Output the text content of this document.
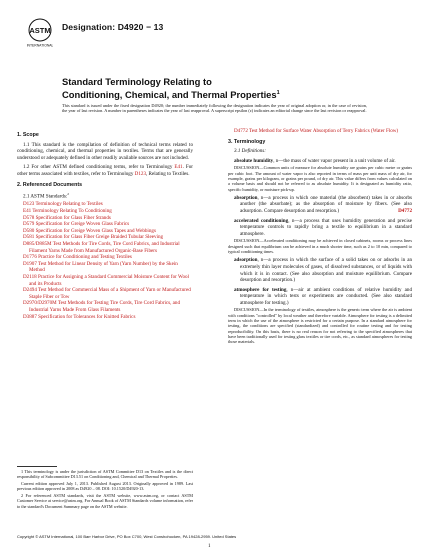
ASTM
INTERNATIONAL
Designation: D4920 − 13
Standard Terminology Relating to
Conditioning, Chemical, and Thermal Properties$^1$
This standard is issued under the fixed designation D4920; the number immediately following the designation indicates the year of original adoption or, in the case of revision, the year of last revision. A number in parentheses indicates the year of last reapproval. A superscript epsilon (ε) indicates an editorial change since the last revision or reapproval.
1. Scope

1.1 This standard is the compilation of definition of technical terms related to conditioning, chemical, and thermal properties in textiles. Terms that are generally understood or adequately defined in other readily available sources are not included.

1.2 For other ASTM defined conditioning terms, refer to Terminology E41. For other terms associated with textiles, refer to Terminology D123, Relating to Textiles.

2. Referenced Documents
2.1 ASTM Standards:$^2$
D123 Terminology Relating to Textiles
E41 Terminology Relating To Conditioning
D578 Specification for Glass Fiber Strands
D579 Specification for Greige Woven Glass Fabrics
D580 Specification for Greige Woven Glass Tapes and Webbings
D581 Specification for Glass Fiber Greige Braided Tubular Sleeving
D885/D885M Test Methods for Tire Cords, Tire Cord Fabrics, and Industrial Filament Yarns Made from Manufactured Organic-Base Fibers
D1776 Practice for Conditioning and Testing Textiles
D1907 Test Method for Linear Density of Yarn (Yarn Number) by the Skein Method
D2118 Practice for Assigning a Standard Commercial Moisture Content for Wool and its Products
D2494 Test Method for Commercial Mass of a Shipment of Yarn or Manufactured Staple Fiber or Tow
D2970/D2970M Test Methods for Testing Tire Cords, Tire Cord Fabrics, and Industrial Yarns Made From Glass Filaments
D3887 Specification for Tolerances for Knitted Fabrics
D4772 Test Method for Surface Water Absorption of Terry Fabrics (Water Flow)
3. Terminology
3.1 Definitions:
absolute humidity, n—the mass of water vapor present in a unit volume of air.
DISCUSSION—Common units of measure for absolute humidity are grains per cubic metre or grains per cubic foot. The amount of water vapor is also reported in terms of mass per unit mass of dry air, for example, grains per kilogram, or grains per pound, of dry air. This value differs from values calculated on a volume basis and should not be referred to as absolute humidity. It is designated as humidity ratio, specific humidity, or moisture pick-up.
absorption, n—a process in which one material (the absorbent) takes in or absorbs another (the absorbate); as the absorption of moisture by fibers. (See also adsorption. Compare desorption and resorption.)	D4772
accelerated conditioning, n—a process that uses humidity generation and precise temperature controls to rapidly bring a textile to equilibrium in a standard atmosphere.
DISCUSSION—Accelerated conditioning may be achieved in closed cabinets, rooms or process lines designed such that equilibrium can be achieved in a much shorter time, such as 2 to 10 min, compared to typical conditioning times.
adsorption, n—a process in which the surface of a solid takes on or adsorbs in an extremely thin layer molecules of gases, of dissolved substances, or of liquids with which it is in contact. (See also absorption and moisture equilibrium. Compare desorption and resorption.)
atmosphere for testing, n—air at ambient conditions of relative humidity and temperature in which tests or experiments are conducted. (See also standard atmosphere for testing.)
DISCUSSION—In the terminology of textiles, atmosphere is the generic term where the air is ambient with conditions "controlled" by local weather and therefore variable. Atmosphere for testing is a delimited term in which the use of the atmosphere is restricted for a certain purpose. In a standard atmosphere for testing, the conditions are specified (standardized) and controlled for routine testing and for testing reproducibility. On this basis, there is no real reason for not referring to the specified atmospheres that have been traditionally used for testing glass textiles or tire cords, etc., as standard atmospheres for testing those materials.
1 This terminology is under the jurisdiction of ASTM Committee D13 on Textiles and is the direct responsibility of Subcommittee D13.51 on Conditioning and, Chemical and Thermal Properties.
Current edition approved July 1, 2013. Published August 2013. Originally approved in 1989. Last previous edition approved in 2008 as D4920 – 08. DOI: 10.1520/D4920-13.
2 For referenced ASTM standards, visit the ASTM website, www.astm.org, or contact ASTM Customer Service at service@astm.org. For Annual Book of ASTM Standards volume information, refer to the standard's Document Summary page on the ASTM website.
Copyright © ASTM International, 100 Barr Harbor Drive, PO Box C700, West Conshohocken, PA 19428-2959. United States
1
